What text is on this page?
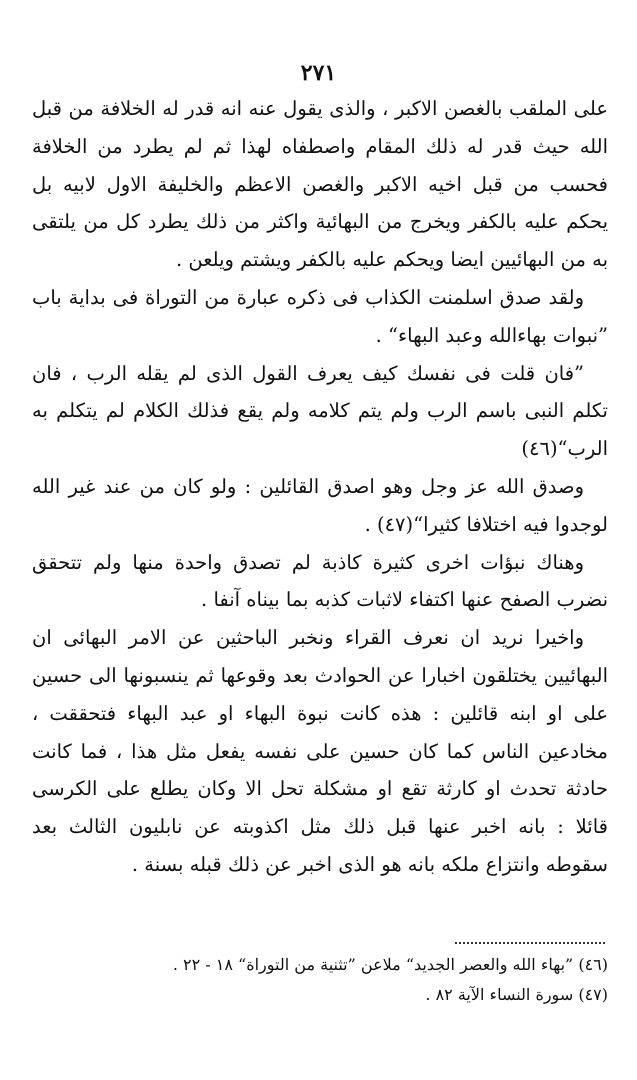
٢٧١

على الملقب بالغصن الاكبر ، والذى يقول عنه انه قدر له الخلافة من قبل الله حيث قدر له ذلك المقام واصطفاه لهذا ثم لم يطرد من الخلافة فحسب من قبل اخيه الاكبر والغصن الاعظم والخليفة الاول لابيه بل يحكم عليه بالكفر ويخرج من البهائية واكثر من ذلك يطرد كل من يلتقى به من البهائيين ايضا ويحكم عليه بالكفر ويشتم ويلعن .

ولقد صدق اسلمنت الكذاب فى ذكره عبارة من التوراة فى بداية باب ”نبوات بهاءالله وعبد البهاء“ .

”فان قلت فى نفسك كيف يعرف القول الذى لم يقله الرب ، فان تكلم النبى باسم الرب ولم يتم كلامه ولم يقع فذلك الكلام لم يتكلم به الرب“(٤٦)

وصدق الله عز وجل وهو اصدق القائلين : ولو كان من عند غير الله لوجدوا فيه اختلافا كثيرا“(٤٧) .

وهناك نبؤات اخرى كثيرة كاذبة لم تصدق واحدة منها ولم تتحقق نضرب الصفح عنها اكتفاء لاثبات كذبه بما بيناه آنفا .

واخيرا نريد ان نعرف القراء ونخبر الباحثين عن الامر البهائى ان البهائيين يختلقون اخبارا عن الحوادث بعد وقوعها ثم ينسبونها الى حسين على او ابنه قائلين : هذه كانت نبوة البهاء او عبد البهاء فتحققت ، مخادعين الناس كما كان حسين على نفسه يفعل مثل هذا ، فما كانت حادثة تحدث او كارثة تقع او مشكلة تحل الا وكان يطلع على الكرسى قائلا : بانه اخبر عنها قبل ذلك مثل اكذوبته عن نابليون الثالث بعد سقوطه وانتزاع ملكه بانه هو الذى اخبر عن ذلك قبله بسنة .

(٤٦) ”بهاء الله والعصر الجديد“ ملاعن ”تثنية من التوراة“ ١٨ - ٢٢ .
(٤٧) سورة النساء الآية ٨٢ .
